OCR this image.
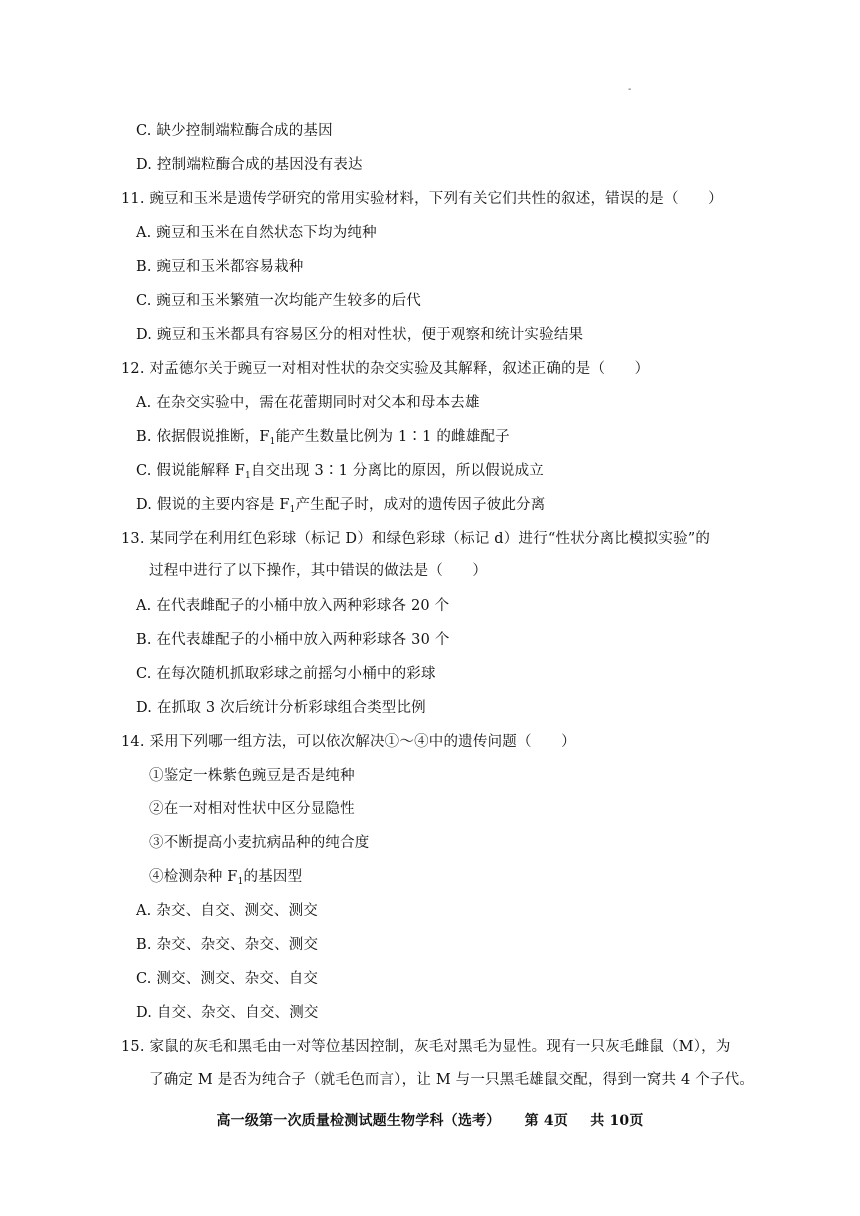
-
C. 缺少控制端粒酶合成的基因
D. 控制端粒酶合成的基因没有表达
11. 豌豆和玉米是遗传学研究的常用实验材料，下列有关它们共性的叙述，错误的是（　　）
A. 豌豆和玉米在自然状态下均为纯种
B. 豌豆和玉米都容易栽种
C. 豌豆和玉米繁殖一次均能产生较多的后代
D. 豌豆和玉米都具有容易区分的相对性状，便于观察和统计实验结果
12. 对孟德尔关于豌豆一对相对性状的杂交实验及其解释，叙述正确的是（　　）
A. 在杂交实验中，需在花蕾期同时对父本和母本去雄
B. 依据假说推断，$F_1$能产生数量比例为 1∶1 的雌雄配子
C. 假说能解释 $F_1$自交出现 3∶1 分离比的原因，所以假说成立
D. 假说的主要内容是 $F_1$产生配子时，成对的遗传因子彼此分离
13. 某同学在利用红色彩球（标记 D）和绿色彩球（标记 d）进行“性状分离比模拟实验”的
过程中进行了以下操作，其中错误的做法是（　　）
A. 在代表雌配子的小桶中放入两种彩球各 20 个
B. 在代表雄配子的小桶中放入两种彩球各 30 个
C. 在每次随机抓取彩球之前摇匀小桶中的彩球
D. 在抓取 3 次后统计分析彩球组合类型比例
14. 采用下列哪一组方法，可以依次解决①～④中的遗传问题（　　）
①鉴定一株紫色豌豆是否是纯种
②在一对相对性状中区分显隐性
③不断提高小麦抗病品种的纯合度
④检测杂种 $F_1$的基因型
A. 杂交、自交、测交、测交
B. 杂交、杂交、杂交、测交
C. 测交、测交、杂交、自交
D. 自交、杂交、自交、测交
15. 家鼠的灰毛和黑毛由一对等位基因控制，灰毛对黑毛为显性。现有一只灰毛雌鼠（M），为
了确定 M 是否为纯合子（就毛色而言），让 M 与一只黑毛雄鼠交配，得到一窝共 4 个子代。
高一级第一次质量检测试题生物学科（选考） 第 4页 共 10页
